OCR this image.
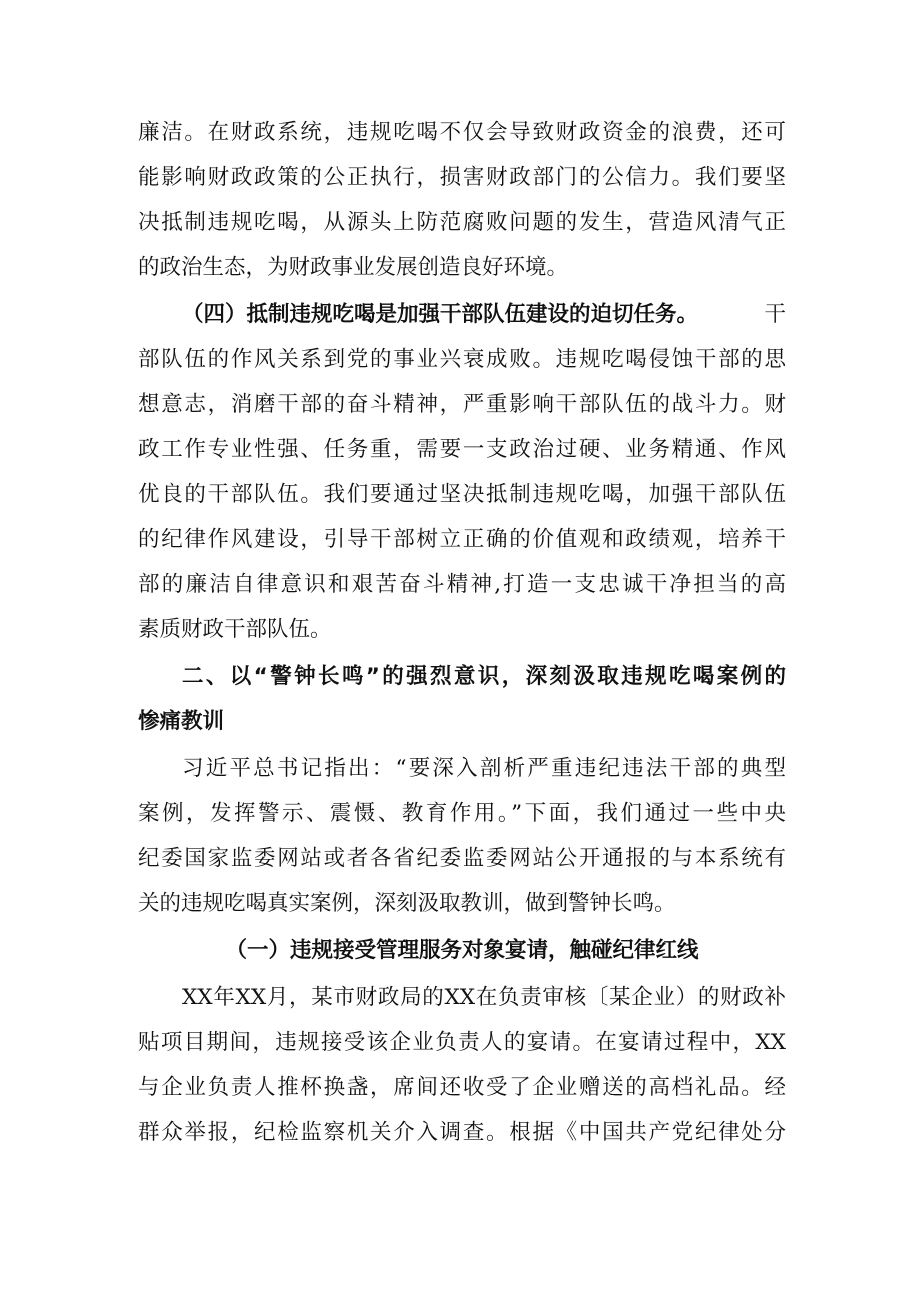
廉洁。在财政系统，违规吃喝不仅会导致财政资金的浪费，还可
能影响财政政策的公正执行，损害财政部门的公信力。我们要坚
决抵制违规吃喝，从源头上防范腐败问题的发生，营造风清气正
的政治生态，为财政事业发展创造良好环境。
（四）抵制违规吃喝是加强干部队伍建设的迫切任务。	干
部队伍的作风关系到党的事业兴衰成败。违规吃喝侵蚀干部的思
想意志，消磨干部的奋斗精神，严重影响干部队伍的战斗力。财
政工作专业性强、任务重，需要一支政治过硬、业务精通、作风
优良的干部队伍。我们要通过坚决抵制违规吃喝，加强干部队伍
的纪律作风建设，引导干部树立正确的价值观和政绩观，培养干
部的廉洁自律意识和艰苦奋斗精神,打造一支忠诚干净担当的高
素质财政干部队伍。
二、以“警钟长鸣”的强烈意识，深刻汲取违规吃喝案例的
惨痛教训
习近平总书记指出：“要深入剖析严重违纪违法干部的典型
案例，发挥警示、震慑、教育作用。”下面，我们通过一些中央
纪委国家监委网站或者各省纪委监委网站公开通报的与本系统有
关的违规吃喝真实案例，深刻汲取教训，做到警钟长鸣。
（一）违规接受管理服务对象宴请，触碰纪律红线
XX年XX月，某市财政局的XX在负责审核〔某企业）的财政补
贴项目期间，违规接受该企业负责人的宴请。在宴请过程中，XX
与企业负责人推杯换盏，席间还收受了企业赠送的高档礼品。经
群众举报，纪检监察机关介入调查。根据《中国共产党纪律处分
